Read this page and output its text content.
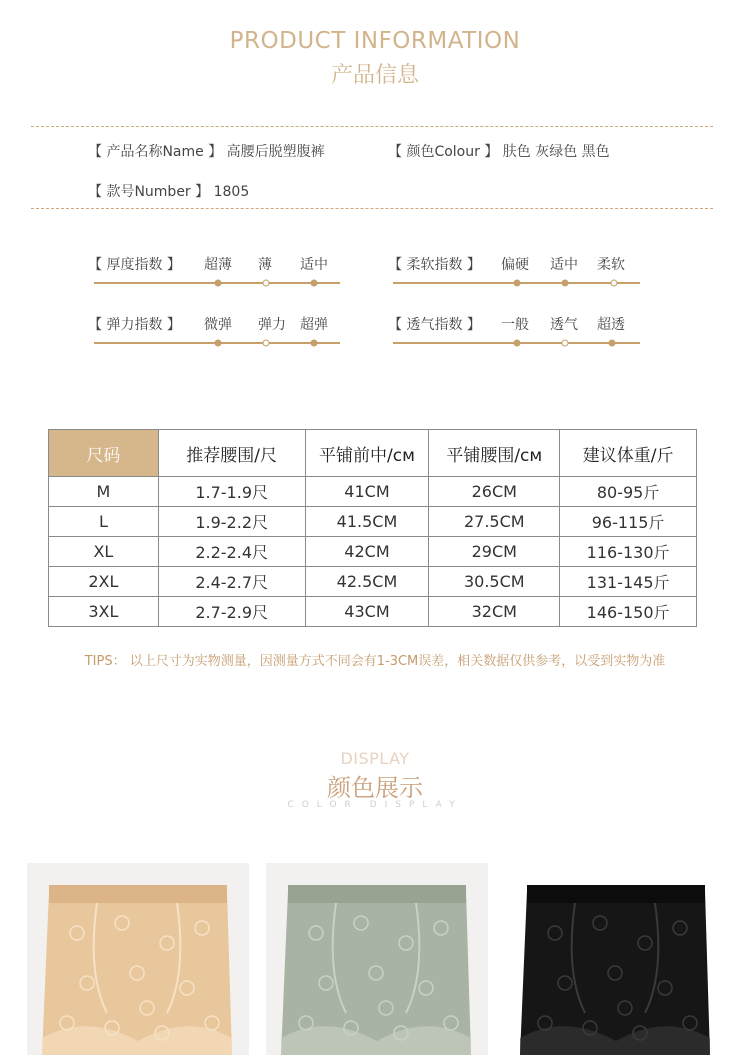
PRODUCT INFORMATION
产品信息
【 产品名称Name 】 高腰后脱塑腹裤	【 颜色Colour 】 肤色 灰绿色 黑色
【 款号Number 】 1805
【 厚度指数 】 超薄 薄 适中	【 柔软指数 】 偏硬 适中 柔软
【 弹力指数 】 微弹 弹力 超弹	【 透气指数 】 一般 透气 超透
尺码	推荐腰围/尺	平铺前中/cм	平铺腰围/cм	建议体重/斤
M	1.7-1.9尺	41CM	26CM	80-95斤
L	1.9-2.2尺	41.5CM	27.5CM	96-115斤
XL	2.2-2.4尺	42CM	29CM	116-130斤
2XL	2.4-2.7尺	42.5CM	30.5CM	131-145斤
3XL	2.7-2.9尺	43CM	32CM	146-150斤
TIPS： 以上尺寸为实物测量，因测量方式不同会有1-3CM误差，相关数据仅供参考，以受到实物为准
DISPLAY
颜色展示
COLOR DISPLAY
